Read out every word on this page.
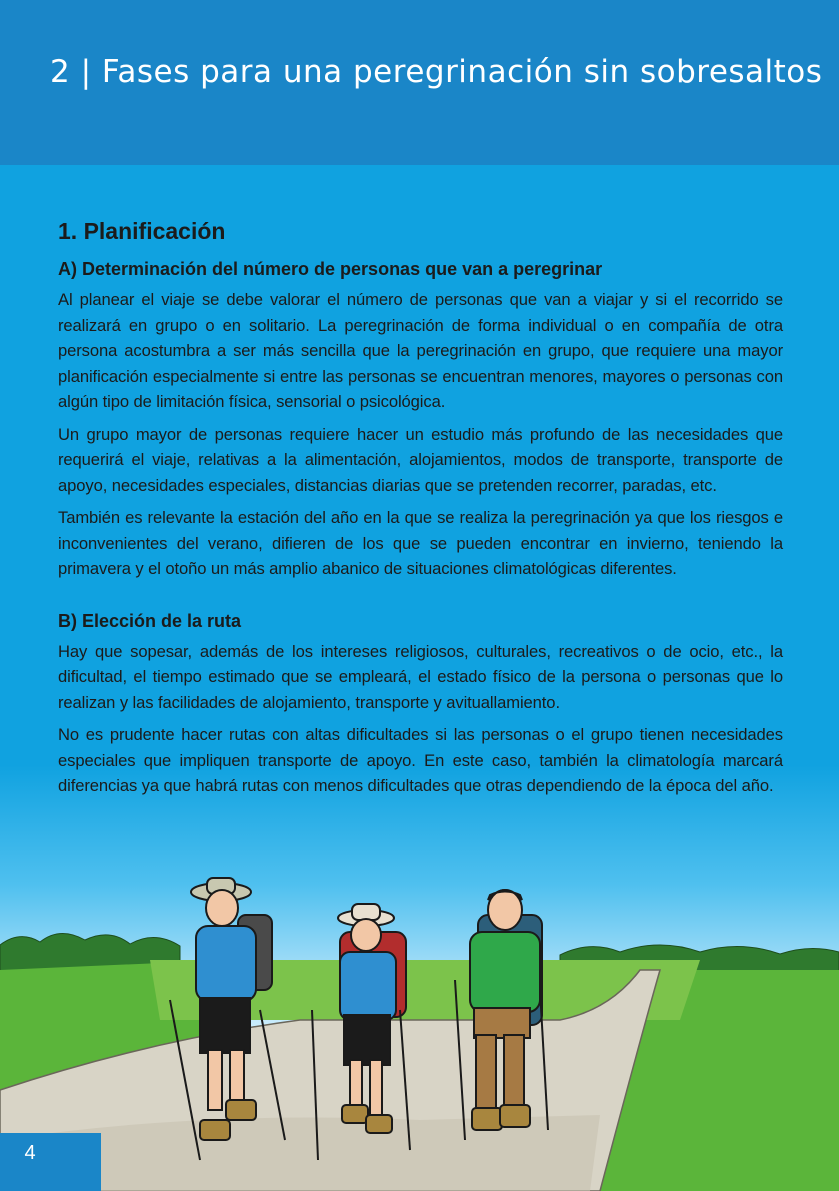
2 | Fases para una peregrinación sin sobresaltos
1. Planificación
A) Determinación del número de personas que van a peregrinar

Al planear el viaje se debe valorar el número de personas que van a viajar y si el recorrido se realizará en grupo o en solitario. La peregrinación de forma individual o en compañía de otra persona acostumbra a ser más sencilla que la peregrinación en grupo, que requiere una mayor planificación especialmente si entre las personas se encuentran menores, mayores o personas con algún tipo de limitación física, sensorial o psicológica.

Un grupo mayor de personas requiere hacer un estudio más profundo de las necesidades que requerirá el viaje, relativas a la alimentación, alojamientos, modos de transporte, transporte de apoyo, necesidades especiales, distancias diarias que se pretenden recorrer, paradas, etc.

También es relevante la estación del año en la que se realiza la peregrinación ya que los riesgos e inconvenientes del verano, difieren de los que se pueden encontrar en invierno, teniendo la primavera y el otoño un más amplio abanico de situaciones climatológicas diferentes.

B) Elección de la ruta

Hay que sopesar, además de los intereses religiosos, culturales, recreativos o de ocio, etc., la dificultad, el tiempo estimado que se empleará, el estado físico de la persona o personas que lo realizan y las facilidades de alojamiento, transporte y avituallamiento.

No es prudente hacer rutas con altas dificultades si las personas o el grupo tienen necesidades especiales que impliquen transporte de apoyo. En este caso, también la climatología marcará diferencias ya que habrá rutas con menos dificultades que otras dependiendo de la época del año.

4
